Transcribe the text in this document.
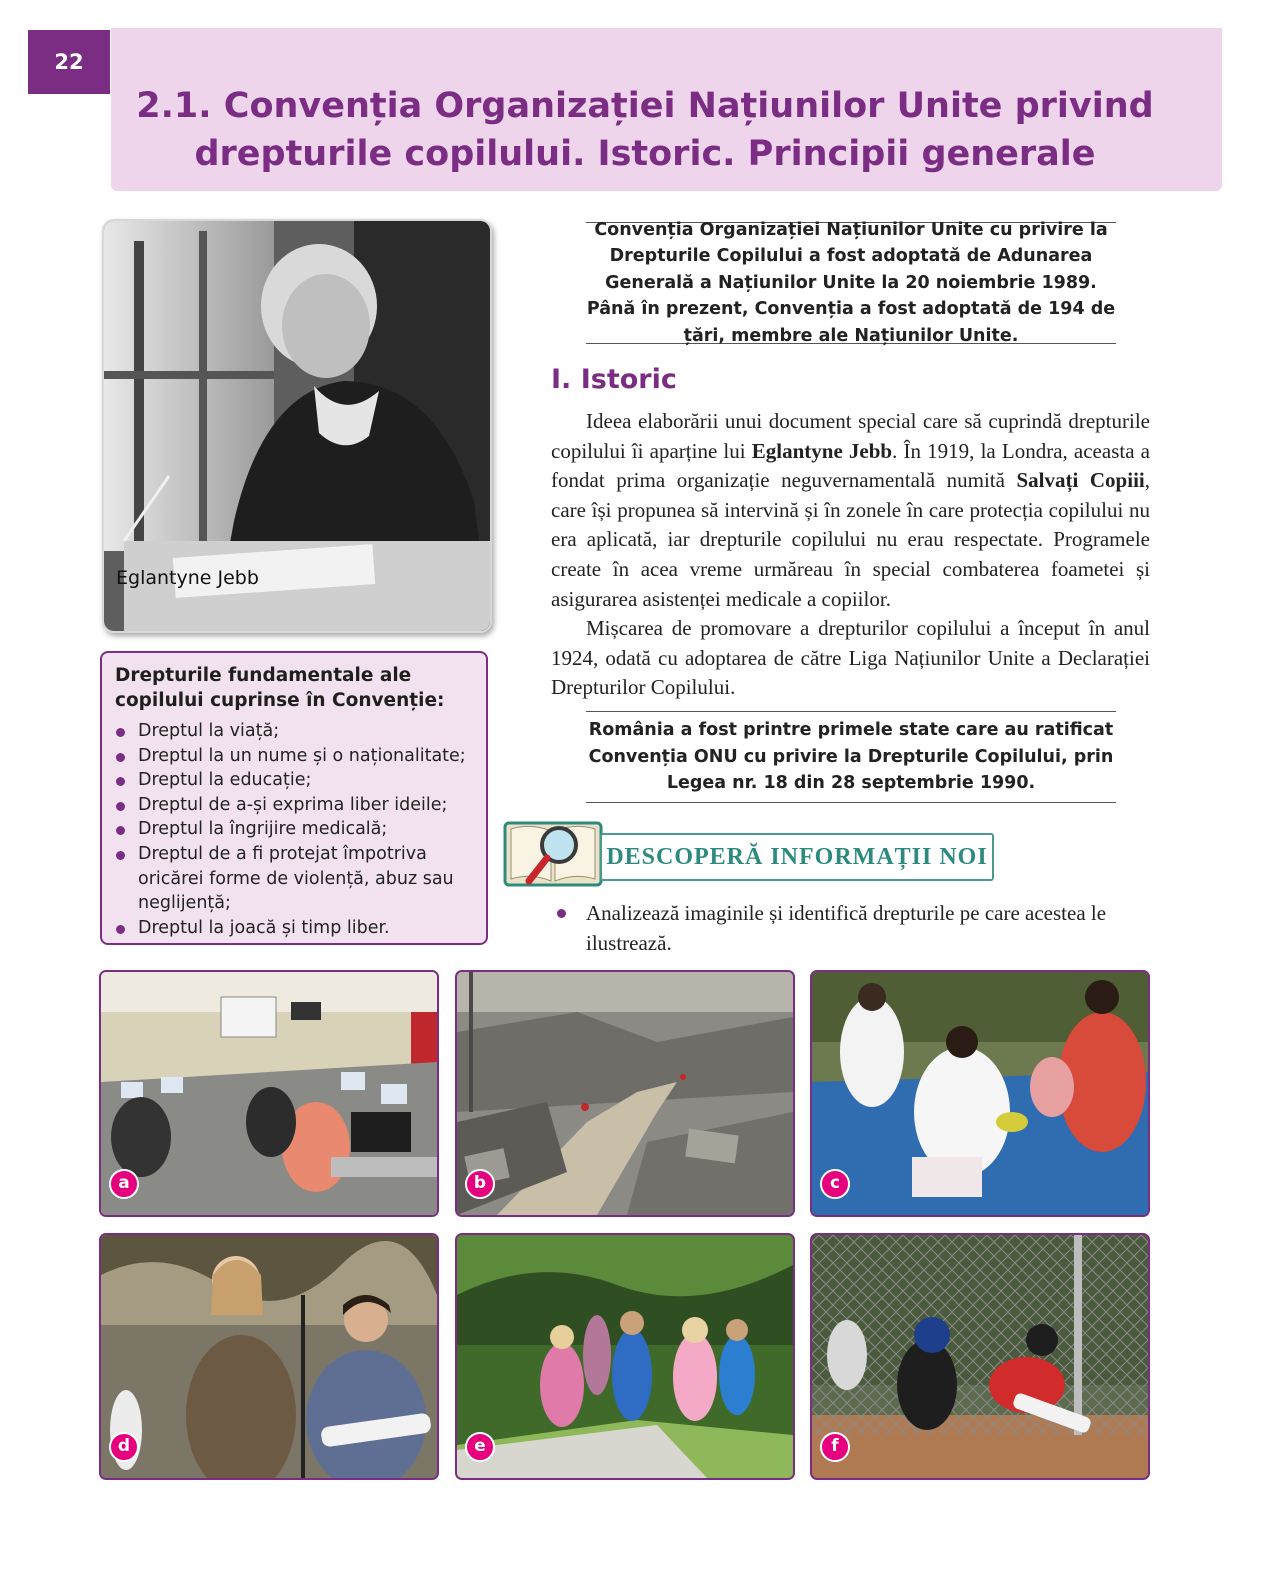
22
2.1. Convenția Organizației Națiunilor Unite privind
drepturile copilului. Istoric. Principii generale
Eglantyne Jebb

Drepturile fundamentale ale copilului cuprinse în Convenție:

Dreptul la viață;
Dreptul la un nume și o naționalitate;
Dreptul la educație;
Dreptul de a-și exprima liber ideile;
Dreptul la îngrijire medicală;
Dreptul de a fi protejat împotriva oricărei forme de violență, abuz sau neglijență;
Dreptul la joacă și timp liber.

Convenția Organizației Națiunilor Unite cu privire la Drepturile Copilului a fost adoptată de Adunarea Generală a Națiunilor Unite la 20 noiembrie 1989. Până în prezent, Convenția a fost adoptată de 194 de țări, membre ale Națiunilor Unite.

I. Istoric

Ideea elaborării unui document special care să cuprindă drepturile copilului îi aparține lui Eglantyne Jebb. În 1919, la Londra, aceasta a fondat prima organizație neguvernamentală numită Salvați Copiii, care își propunea să intervină și în zonele în care protecția copilului nu era aplicată, iar drepturile copilului nu erau respectate. Programele create în acea vreme urmăreau în special combaterea foametei și asigurarea asistenței medicale a copiilor.

Mișcarea de promovare a drepturilor copilului a început în anul 1924, odată cu adoptarea de către Liga Națiunilor Unite a Declarației Drepturilor Copilului.

România a fost printre primele state care au ratificat Convenția ONU cu privire la Drepturile Copilului, prin Legea nr. 18 din 28 septembrie 1990.

DESCOPERĂ INFORMAȚII NOI

Analizează imaginile și identifică drepturile pe care acestea le ilustrează.

a	b	c
d	e	f
